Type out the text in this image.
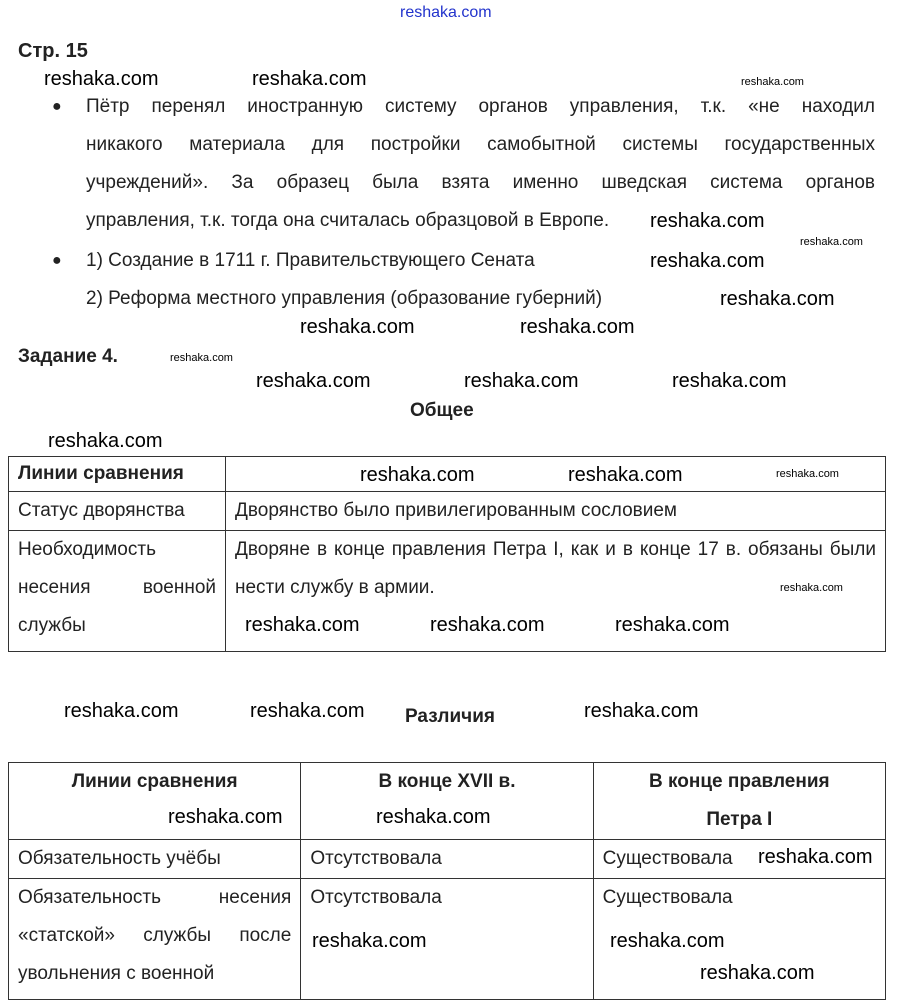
reshaka.com
Стр. 15
● Пётр перенял иностранную систему органов управления, т.к. «не находил
никакого материала для постройки самобытной системы государственных
учреждений». За образец была взята именно шведская система органов
управления, т.к. тогда она считалась образцовой в Европе.
● 1) Создание в 1711 г. Правительствующего Сената
2) Реформа местного управления (образование губерний)
Задание 4.
Общее
Линии сравнения	
Статус дворянства	Дворянство было привилегированным сословием
Необходимость несения военной службы	Дворяне в конце правления Петра I, как и в конце 17 в. обязаны были нести службу в армии.
Различия
Линии сравнения	В конце XVII в.	В конце правления Петра I
Обязательность учёбы	Отсутствовала	Существовала
Обязательность несения «статской» службы после увольнения с военной	Отсутствовала	Существовала
reshaka.com
reshaka.com	reshaka.com
reshaka.com
reshaka.com
reshaka.com
reshaka.com
reshaka.com	reshaka.com
reshaka.com
reshaka.com	reshaka.com	reshaka.com
reshaka.com
reshaka.com	reshaka.com	reshaka.com
reshaka.com
reshaka.com	reshaka.com	reshaka.com
reshaka.com	reshaka.com	reshaka.com
reshaka.com	reshaka.com
reshaka.com
reshaka.com	reshaka.com
reshaka.com
